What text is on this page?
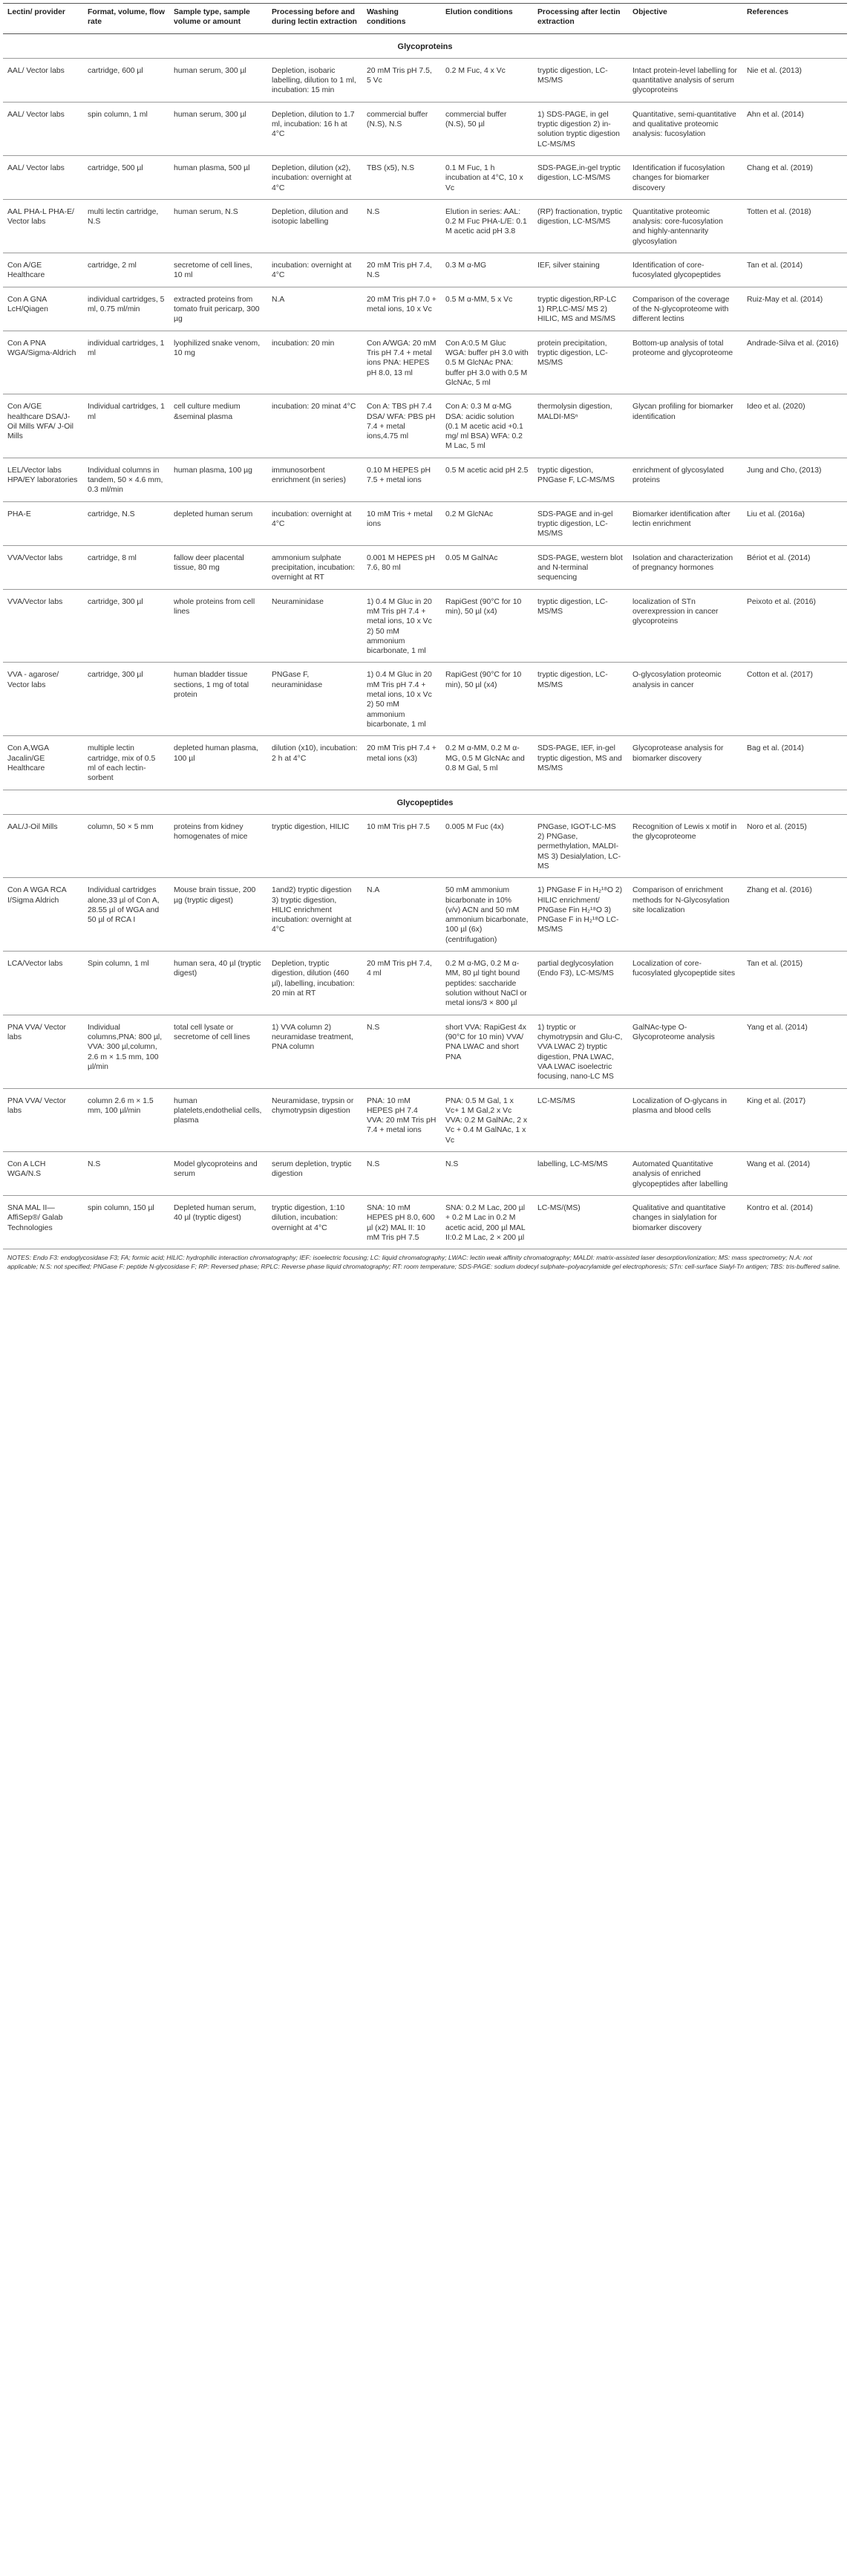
Lectin/ provider	Format, volume, flow rate	Sample type, sample volume or amount	Processing before and during lectin extraction	Washing conditions	Elution conditions	Processing after lectin extraction	Objective	References
Glycoproteins								
AAL/ Vector labs	cartridge, 600 µl	human serum, 300 µl	Depletion, isobaric labelling, dilution to 1 ml, incubation: 15 min	20 mM Tris pH 7.5, 5 Vᴄ	0.2 M Fuc, 4 x Vᴄ	tryptic digestion, LC-MS/MS	Intact protein-level labelling for quantitative analysis of serum glycoproteins	Nie et al. (2013)
AAL/ Vector labs	spin column, 1 ml	human serum, 300 µl	Depletion, dilution to 1.7 ml, incubation: 16 h at 4°C	commercial buffer (N.S), N.S	commercial buffer (N.S), 50 µl	1) SDS-PAGE, in gel tryptic digestion 2) in-solution tryptic digestion LC-MS/MS	Quantitative, semi-quantitative and qualitative proteomic analysis: fucosylation	Ahn et al. (2014)
AAL/ Vector labs	cartridge, 500 µl	human plasma, 500 µl	Depletion, dilution (x2), incubation: overnight at 4°C	TBS (x5), N.S	0.1 M Fuc, 1 h incubation at 4°C, 10 x Vᴄ	SDS-PAGE,in-gel tryptic digestion, LC-MS/MS	Identification if fucosylation changes for biomarker discovery	Chang et al. (2019)
AAL PHA-L PHA-E/ Vector labs	multi lectin cartridge, N.S	human serum, N.S	Depletion, dilution and isotopic labelling	N.S	Elution in series: AAL: 0.2 M Fuc PHA-L/E: 0.1 M acetic acid pH 3.8	(RP) fractionation, tryptic digestion, LC-MS/MS	Quantitative proteomic analysis: core-fucosylation and highly-antennarity glycosylation	Totten et al. (2018)
Con A/GE Healthcare	cartridge, 2 ml	secretome of cell lines, 10 ml	incubation: overnight at 4°C	20 mM Tris pH 7.4, N.S	0.3 M α-MG	IEF, silver staining	Identification of core-fucosylated glycopeptides	Tan et al. (2014)
Con A GNA LcH/Qiagen	individual cartridges, 5 ml, 0.75 ml/min	extracted proteins from tomato fruit pericarp, 300 µg	N.A	20 mM Tris pH 7.0 + metal ions, 10 x Vᴄ	0.5 M α-MM, 5 x Vᴄ	tryptic digestion,RP-LC 1) RP,LC-MS/ MS 2) HILIC, MS and MS/MS	Comparison of the coverage of the N-glycoproteome with different lectins	Ruiz-May et al. (2014)
Con A PNA WGA/Sigma-Aldrich	individual cartridges, 1 ml	lyophilized snake venom, 10 mg	incubation: 20 min	Con A/WGA: 20 mM Tris pH 7.4 + metal ions PNA: HEPES pH 8.0, 13 ml	Con A:0.5 M Gluc WGA: buffer pH 3.0 with 0.5 M GlcNAc PNA: buffer pH 3.0 with 0.5 M GlcNAc, 5 ml	protein precipitation, tryptic digestion, LC-MS/MS	Bottom-up analysis of total proteome and glycoproteome	Andrade-Silva et al. (2016)
Con A/GE healthcare DSA/J-Oil Mills WFA/ J-Oil Mills	Individual cartridges, 1 ml	cell culture medium &seminal plasma	incubation: 20 minat 4°C	Con A: TBS pH 7.4 DSA/ WFA: PBS pH 7.4 + metal ions,4.75 ml	Con A: 0.3 M α-MG DSA: acidic solution (0.1 M acetic acid +0.1 mg/ ml BSA) WFA: 0.2 M Lac, 5 ml	thermolysin digestion, MALDI-MSⁿ	Glycan profiling for biomarker identification	Ideo et al. (2020)
LEL/Vector labs HPA/EY laboratories	Individual columns in tandem, 50 × 4.6 mm, 0.3 ml/min	human plasma, 100 µg	immunosorbent enrichment (in series)	0.10 M HEPES pH 7.5 + metal ions	0.5 M acetic acid pH 2.5	tryptic digestion, PNGase F, LC-MS/MS	enrichment of glycosylated proteins	Jung and Cho, (2013)
PHA-E	cartridge, N.S	depleted human serum	incubation: overnight at 4°C	10 mM Tris + metal ions	0.2 M GlcNAc	SDS-PAGE and in-gel tryptic digestion, LC-MS/MS	Biomarker identification after lectin enrichment	Liu et al. (2016a)
VVA/Vector labs	cartridge, 8 ml	fallow deer placental tissue, 80 mg	ammonium sulphate precipitation, incubation: overnight at RT	0.001 M HEPES pH 7.6, 80 ml	0.05 M GalNAc	SDS-PAGE, western blot and N-terminal sequencing	Isolation and characterization of pregnancy hormones	Bériot et al. (2014)
VVA/Vector labs	cartridge, 300 µl	whole proteins from cell lines	Neuraminidase	1) 0.4 M Gluc in 20 mM Tris pH 7.4 + metal ions, 10 x Vᴄ 2) 50 mM ammonium bicarbonate, 1 ml	RapiGest (90°C for 10 min), 50 µl (x4)	tryptic digestion, LC-MS/MS	localization of STn overexpression in cancer glycoproteins	Peixoto et al. (2016)
VVA - agarose/ Vector labs	cartridge, 300 µl	human bladder tissue sections, 1 mg of total protein	PNGase F, neuraminidase	1) 0.4 M Gluc in 20 mM Tris pH 7.4 + metal ions, 10 x Vᴄ 2) 50 mM ammonium bicarbonate, 1 ml	RapiGest (90°C for 10 min), 50 µl (x4)	tryptic digestion, LC-MS/MS	O-glycosylation proteomic analysis in cancer	Cotton et al. (2017)
Con A,WGA Jacalin/GE Healthcare	multiple lectin cartridge, mix of 0.5 ml of each lectin-sorbent	depleted human plasma, 100 µl	dilution (x10), incubation: 2 h at 4°C	20 mM Tris pH 7.4 + metal ions (x3)	0.2 M α-MM, 0.2 M α-MG, 0.5 M GlcNAc and 0.8 M Gal, 5 ml	SDS-PAGE, IEF, in-gel tryptic digestion, MS and MS/MS	Glycoprotease analysis for biomarker discovery	Bag et al. (2014)
Glycopeptides								
AAL/J-Oil Mills	column, 50 × 5 mm	proteins from kidney homogenates of mice	tryptic digestion, HILIC	10 mM Tris pH 7.5	0.005 M Fuc (4x)	PNGase, IGOT-LC-MS 2) PNGase, permethylation, MALDI-MS 3) Desialylation, LC-MS	Recognition of Lewis x motif in the glycoproteome	Noro et al. (2015)
Con A WGA RCA I/Sigma Aldrich	Individual cartridges alone,33 µl of Con A, 28.55 µl of WGA and 50 µl of RCA I	Mouse brain tissue, 200 µg (tryptic digest)	1and2) tryptic digestion 3) tryptic digestion, HILIC enrichment incubation: overnight at 4°C	N.A	50 mM ammonium bicarbonate in 10% (v/v) ACN and 50 mM ammonium bicarbonate, 100 µl (6x) (centrifugation)	1) PNGase F in H₂¹⁸O 2) HILIC enrichment/ PNGase Fin H₂¹⁸O 3) PNGase F in H₂¹⁸O LC-MS/MS	Comparison of enrichment methods for N-Glycosylation site localization	Zhang et al. (2016)
LCA/Vector labs	Spin column, 1 ml	human sera, 40 µl (tryptic digest)	Depletion, tryptic digestion, dilution (460 µl), labelling, incubation: 20 min at RT	20 mM Tris pH 7.4, 4 ml	0.2 M α-MG, 0.2 M α-MM, 80 µl tight bound peptides: saccharide solution without NaCl or metal ions/3 × 800 µl	partial deglycosylation (Endo F3), LC-MS/MS	Localization of core-fucosylated glycopeptide sites	Tan et al. (2015)
PNA VVA/ Vector labs	Individual columns,PNA: 800 µl, VVA: 300 µl,column, 2.6 m × 1.5 mm, 100 µl/min	total cell lysate or secretome of cell lines	1) VVA column 2) neuramidase treatment, PNA column	N.S	short VVA: RapiGest 4x (90°C for 10 min) VVA/ PNA LWAC and short PNA	1) tryptic or chymotrypsin and Glu-C, VVA LWAC 2) tryptic digestion, PNA LWAC, VAA LWAC isoelectric focusing, nano-LC MS	GalNAc-type O-Glycoproteome analysis	Yang et al. (2014)
PNA VVA/ Vector labs	column 2.6 m × 1.5 mm, 100 µl/min	human platelets,endothelial cells, plasma	Neuramidase, trypsin or chymotrypsin digestion	PNA: 10 mM HEPES pH 7.4 VVA: 20 mM Tris pH 7.4 + metal ions	PNA: 0.5 M Gal, 1 x Vᴄ+ 1 M Gal,2 x Vᴄ VVA: 0.2 M GalNAc, 2 x Vᴄ + 0.4 M GalNAc, 1 x Vᴄ	LC-MS/MS	Localization of O-glycans in plasma and blood cells	King et al. (2017)
Con A LCH WGA/N.S	N.S	Model glycoproteins and serum	serum depletion, tryptic digestion	N.S	N.S	labelling, LC-MS/MS	Automated Quantitative analysis of enriched glycopeptides after labelling	Wang et al. (2014)
SNA MAL II—AffiSep®/ Galab Technologies	spin column, 150 µl	Depleted human serum, 40 µl (tryptic digest)	tryptic digestion, 1:10 dilution, incubation: overnight at 4°C	SNA: 10 mM HEPES pH 8.0, 600 µl (x2) MAL II: 10 mM Tris pH 7.5	SNA: 0.2 M Lac, 200 µl + 0.2 M Lac in 0.2 M acetic acid, 200 µl MAL II:0.2 M Lac, 2 × 200 µl	LC-MS/(MS)	Qualitative and quantitative changes in sialylation for biomarker discovery	Kontro et al. (2014)
NOTES: Endo F3: endoglycosidase F3; FA; formic acid; HILIC: hydrophilic interaction chromatography; IEF: isoelectric focusing; LC: liquid chromatography; LWAC: lectin weak affinity chromatography; MALDI: matrix-assisted laser desorption/ionization; MS: mass spectrometry; N.A: not applicable; N.S: not specified; PNGase F: peptide N-glycosidase F; RP: Reversed phase; RPLC: Reverse phase liquid chromatography; RT: room temperature; SDS-PAGE: sodium dodecyl sulphate–polyacrylamide gel electrophoresis; STn: cell-surface Sialyl-Tn antigen; TBS: tris-buffered saline.
